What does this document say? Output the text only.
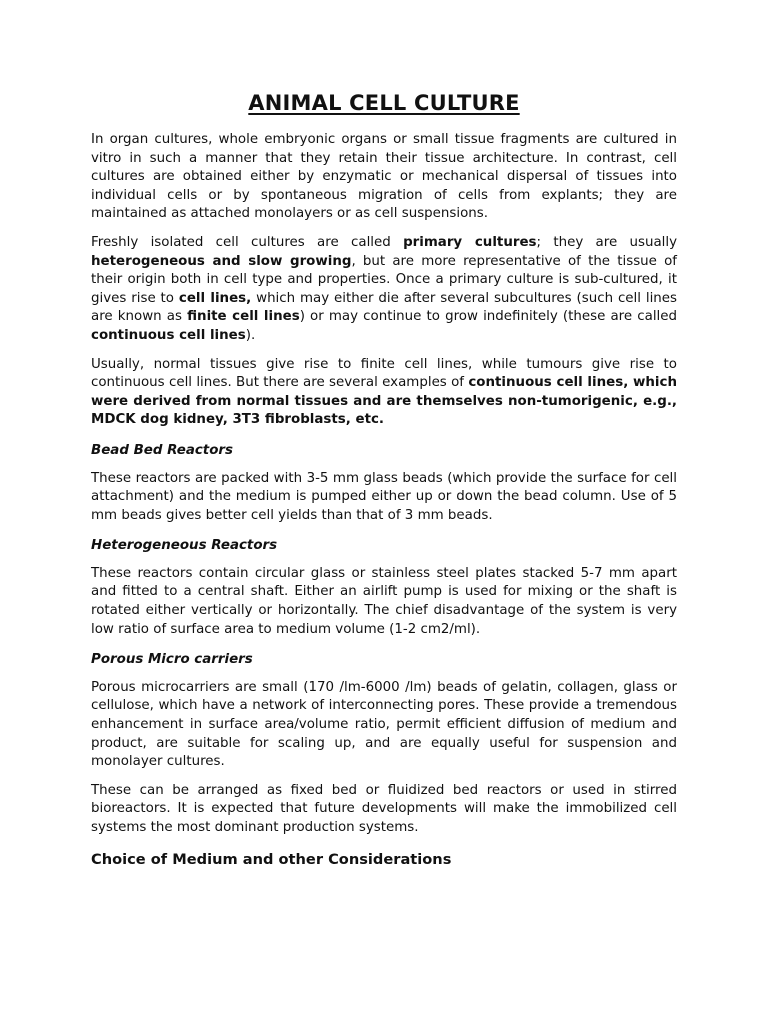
ANIMAL CELL CULTURE

In organ cultures, whole embryonic organs or small tissue fragments are cultured in vitro in such a manner that they retain their tissue architecture. In contrast, cell cultures are obtained either by enzymatic or mechanical dispersal of tissues into individual cells or by spontaneous migration of cells from explants; they are maintained as attached monolayers or as cell suspensions.

Freshly isolated cell cultures are called primary cultures; they are usually heterogeneous and slow growing, but are more representative of the tissue of their origin both in cell type and properties. Once a primary culture is sub-cultured, it gives rise to cell lines, which may either die after several subcultures (such cell lines are known as finite cell lines) or may continue to grow indefinitely (these are called continuous cell lines).

Usually, normal tissues give rise to finite cell lines, while tumours give rise to continuous cell lines. But there are several examples of continuous cell lines, which were derived from normal tissues and are themselves non-tumorigenic, e.g., MDCK dog kidney, 3T3 fibroblasts, etc.

Bead Bed Reactors

These reactors are packed with 3-5 mm glass beads (which provide the surface for cell attachment) and the medium is pumped either up or down the bead column. Use of 5 mm beads gives better cell yields than that of 3 mm beads.

Heterogeneous Reactors

These reactors contain circular glass or stainless steel plates stacked 5-7 mm apart and fitted to a central shaft. Either an airlift pump is used for mixing or the shaft is rotated either vertically or horizontally. The chief disadvantage of the system is very low ratio of surface area to medium volume (1-2 cm2/ml).

Porous Micro carriers

Porous microcarriers are small (170 /lm-6000 /lm) beads of gelatin, collagen, glass or cellulose, which have a network of interconnecting pores. These provide a tremendous enhancement in surface area/volume ratio, permit efficient diffusion of medium and product, are suitable for scaling up, and are equally useful for suspension and monolayer cultures.

These can be arranged as fixed bed or fluidized bed reactors or used in stirred bioreactors. It is expected that future developments will make the immobilized cell systems the most dominant production systems.

Choice of Medium and other Considerations
